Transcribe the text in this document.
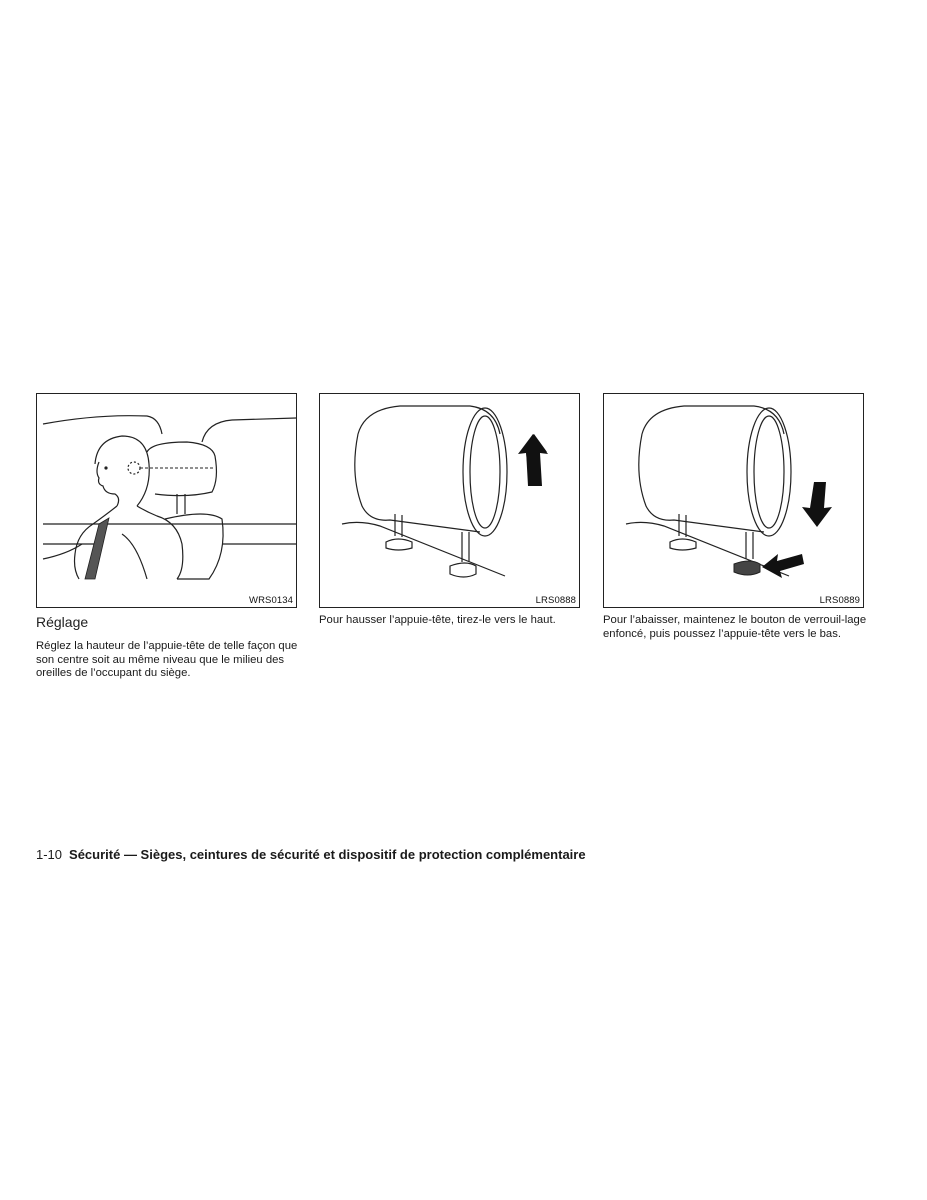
WRS0134	LRS0888	LRS0889
Réglage
Réglez la hauteur de l’appuie-tête de telle façon que son centre soit au même niveau que le milieu des oreilles de l’occupant du siège.
Pour hausser l’appuie-tête, tirez-le vers le haut.	Pour l’abaisser, maintenez le bouton de verrouil-lage enfoncé, puis poussez l’appuie-tête vers le bas.
1-10 Sécurité — Sièges, ceintures de sécurité et dispositif de protection complémentaire
